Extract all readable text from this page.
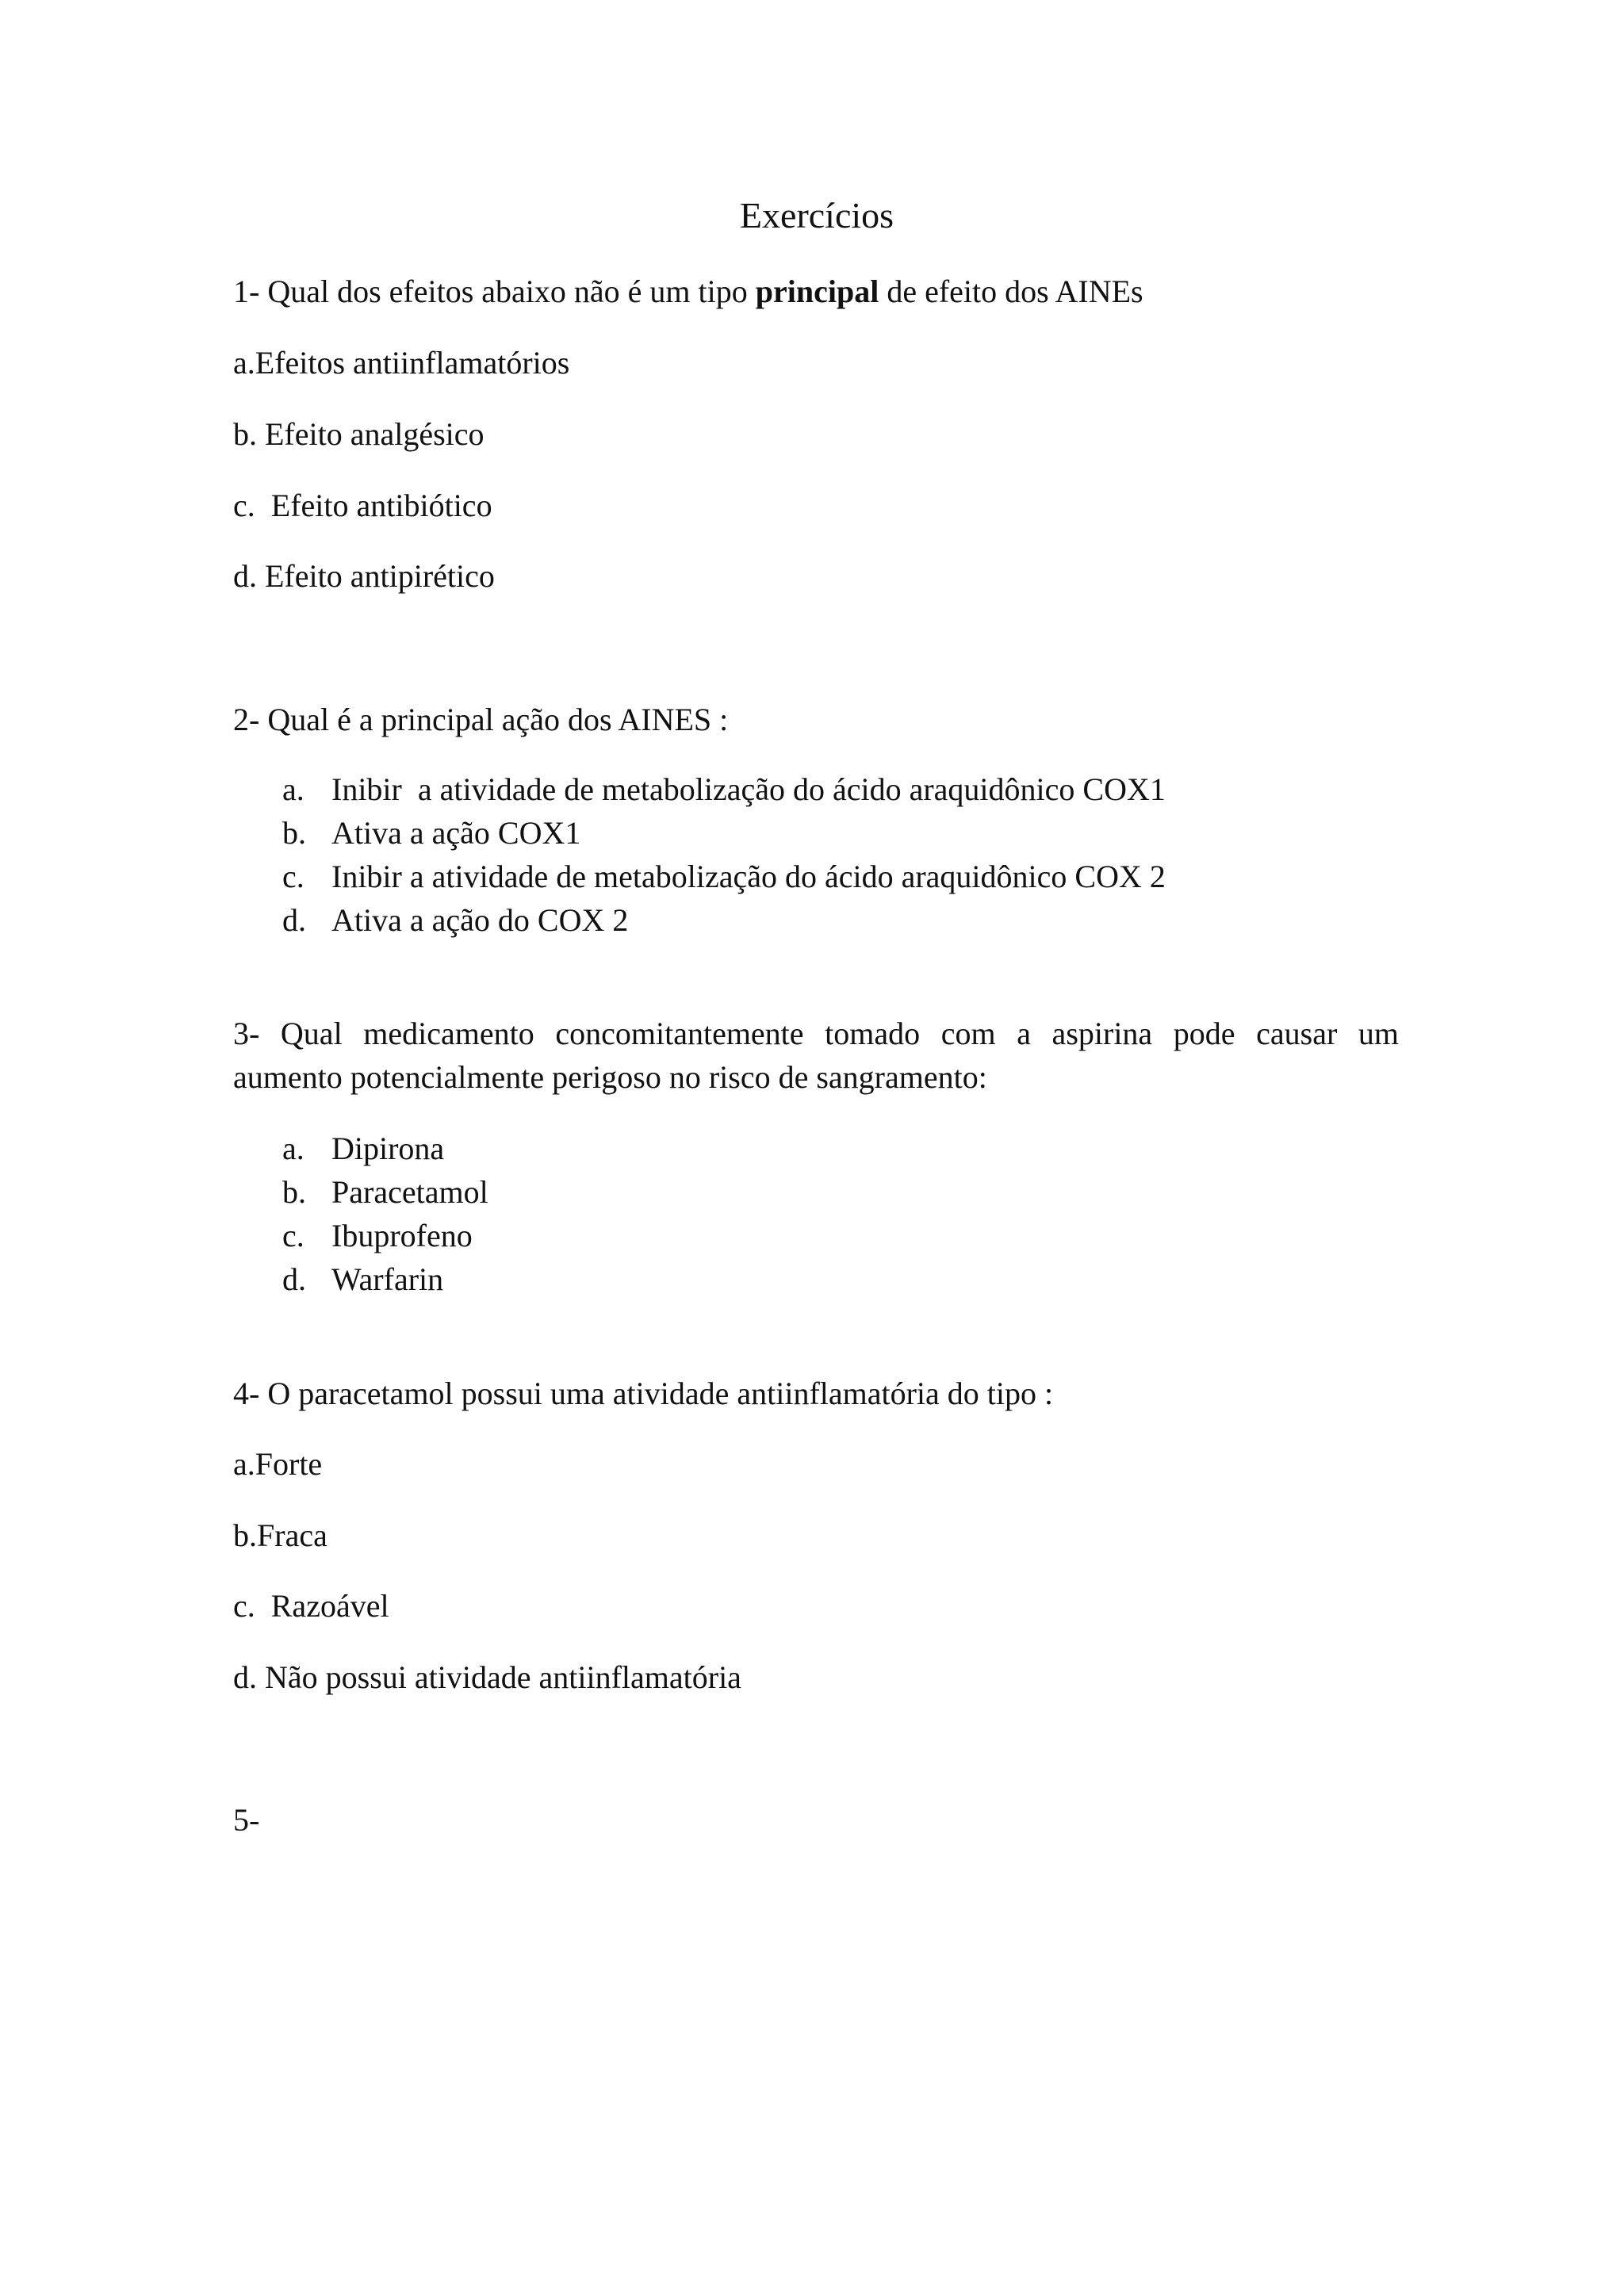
Exercícios
1- Qual dos efeitos abaixo não é um tipo principal de efeito dos AINEs
a.Efeitos antiinflamatórios
b. Efeito analgésico
c.  Efeito antibiótico
d. Efeito antipirético
2- Qual é a principal ação dos AINES :
a. Inibir  a atividade de metabolização do ácido araquidônico COX1
b. Ativa a ação COX1
c. Inibir a atividade de metabolização do ácido araquidônico COX 2
d. Ativa a ação do COX 2
3- Qual medicamento concomitantemente tomado com a aspirina pode causar um
aumento potencialmente perigoso no risco de sangramento:
a. Dipirona
b. Paracetamol
c. Ibuprofeno
d. Warfarin
4- O paracetamol possui uma atividade antiinflamatória do tipo :
a.Forte
b.Fraca
c.  Razoável
d. Não possui atividade antiinflamatória
5-
